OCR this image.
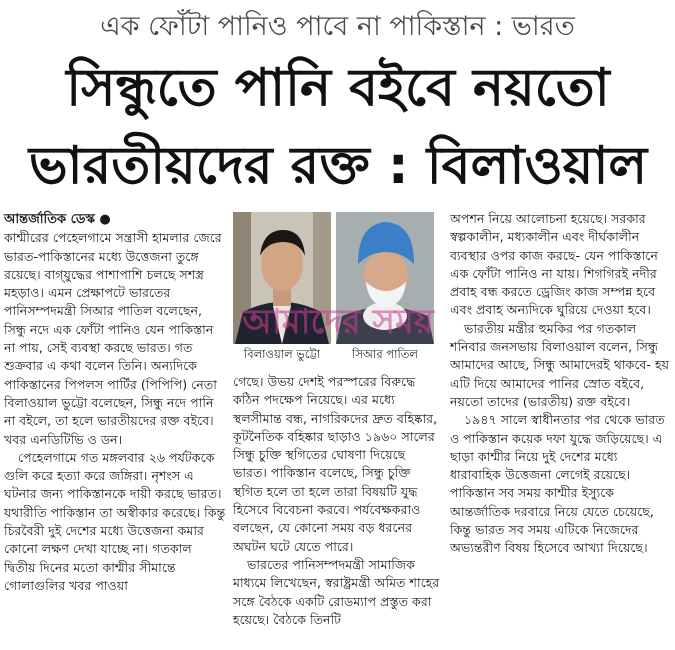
এক ফোঁটা পানিও পাবে না পাকিস্তান : ভারত
সিন্ধুতে পানি বইবে নয়তো
ভারতীয়দের রক্ত : বিলাওয়াল

আন্তর্জাতিক ডেস্ক ●
কাশ্মীরের পেহেলগামে সন্ত্রাসী হামলার জেরে ভারত-পাকিস্তানের মধ্যে উত্তেজনা তুঙ্গে রয়েছে। বাগ্‌যুদ্ধের পাশাপাশি চলছে সশস্ত্র মহড়াও। এমন প্রেক্ষাপটে ভারতের পানিসম্পদমন্ত্রী সিআর পাতিল বলেছেন, সিন্ধু নদে এক ফোঁটা পানিও যেন পাকিস্তান না পায়, সেই ব্যবস্থা করছে ভারত। গত শুক্রবার এ কথা বলেন তিনি। অন্যদিকে পাকিস্তানের পিপলস পার্টির (পিপিপি) নেতা বিলাওয়াল ভুট্টো বলেছেন, সিন্ধু নদে পানি না বইলে, তা হলে ভারতীয়দের রক্ত বইবে। খবর এনডিটিভি ও ডন।

পেহেলগামে গত মঙ্গলবার ২৬ পর্যটককে গুলি করে হত্যা করে জঙ্গিরা। নৃশংস এ ঘটনার জন্য পাকিস্তানকে দায়ী করছে ভারত। যথারীতি পাকিস্তান তা অস্বীকার করেছে। কিন্তু চিরবৈরী দুই দেশের মধ্যে উত্তেজনা কমার কোনো লক্ষণ দেখা যাচ্ছে না। গতকাল দ্বিতীয় দিনের মতো কাশ্মীর সীমান্তে গোলাগুলির খবর পাওয়া

বিলাওয়াল ভুট্টো	সিআর পাতিল

গেছে। উভয় দেশই পরস্পরের বিরুদ্ধে কঠিন পদক্ষেপ নিয়েছে। এর মধ্যে স্থলসীমান্ত বন্ধ, নাগরিকদের দ্রুত বহিষ্কার, কূটনৈতিক বহিষ্কার ছাড়াও ১৯৬০ সালের সিন্ধু চুক্তি স্থগিতের ঘোষণা দিয়েছে ভারত। পাকিস্তান বলেছে, সিন্ধু চুক্তি স্থগিত হলে তা হলে তারা বিষয়টি যুদ্ধ হিসেবে বিবেচনা করবে। পর্যবেক্ষকরাও বলছেন, যে কোনো সময় বড় ধরনের অঘটন ঘটে যেতে পারে।

ভারতের পানিসম্পদমন্ত্রী সামাজিক মাধ্যমে লিখেছেন, স্বরাষ্ট্রমন্ত্রী অমিত শাহের সঙ্গে বৈঠকে একটি রোডম্যাপ প্রস্তুত করা হয়েছে। বৈঠকে তিনটি

অপশন নিয়ে আলোচনা হয়েছে। সরকার স্বল্পকালীন, মধ্যকালীন এবং দীর্ঘকালীন ব্যবস্থার ওপর কাজ করছে- যেন পাকিস্তানে এক ফোঁটা পানিও না যায়। শিগগিরই নদীর প্রবাহ বন্ধ করতে ড্রেজিং কাজ সম্পন্ন হবে এবং প্রবাহ অন্যদিকে ঘুরিয়ে দেওয়া হবে।

ভারতীয় মন্ত্রীর হুমকির পর গতকাল শনিবার জনসভায় বিলাওয়াল বলেন, সিন্ধু আমাদের আছে, সিন্ধু আমাদেরই থাকবে- হয় এটি দিয়ে আমাদের পানির স্রোত বইবে, নয়তো তাদের (ভারতীয়) রক্ত বইবে।

১৯৪৭ সালে স্বাধীনতার পর থেকে ভারত ও পাকিস্তান কয়েক দফা যুদ্ধে জড়িয়েছে। এ ছাড়া কাশ্মীর নিয়ে দুই দেশের মধ্যে ধারাবাহিক উত্তেজনা লেগেই রয়েছে। পাকিস্তান সব সময় কাশ্মীর ইস্যুকে আন্তর্জাতিক দরবারে নিয়ে যেতে চেয়েছে, কিন্তু ভারত সব সময় এটিকে নিজেদের অভ্যন্তরীণ বিষয় হিসেবে আখ্যা দিয়েছে।

আমাদের সময়
